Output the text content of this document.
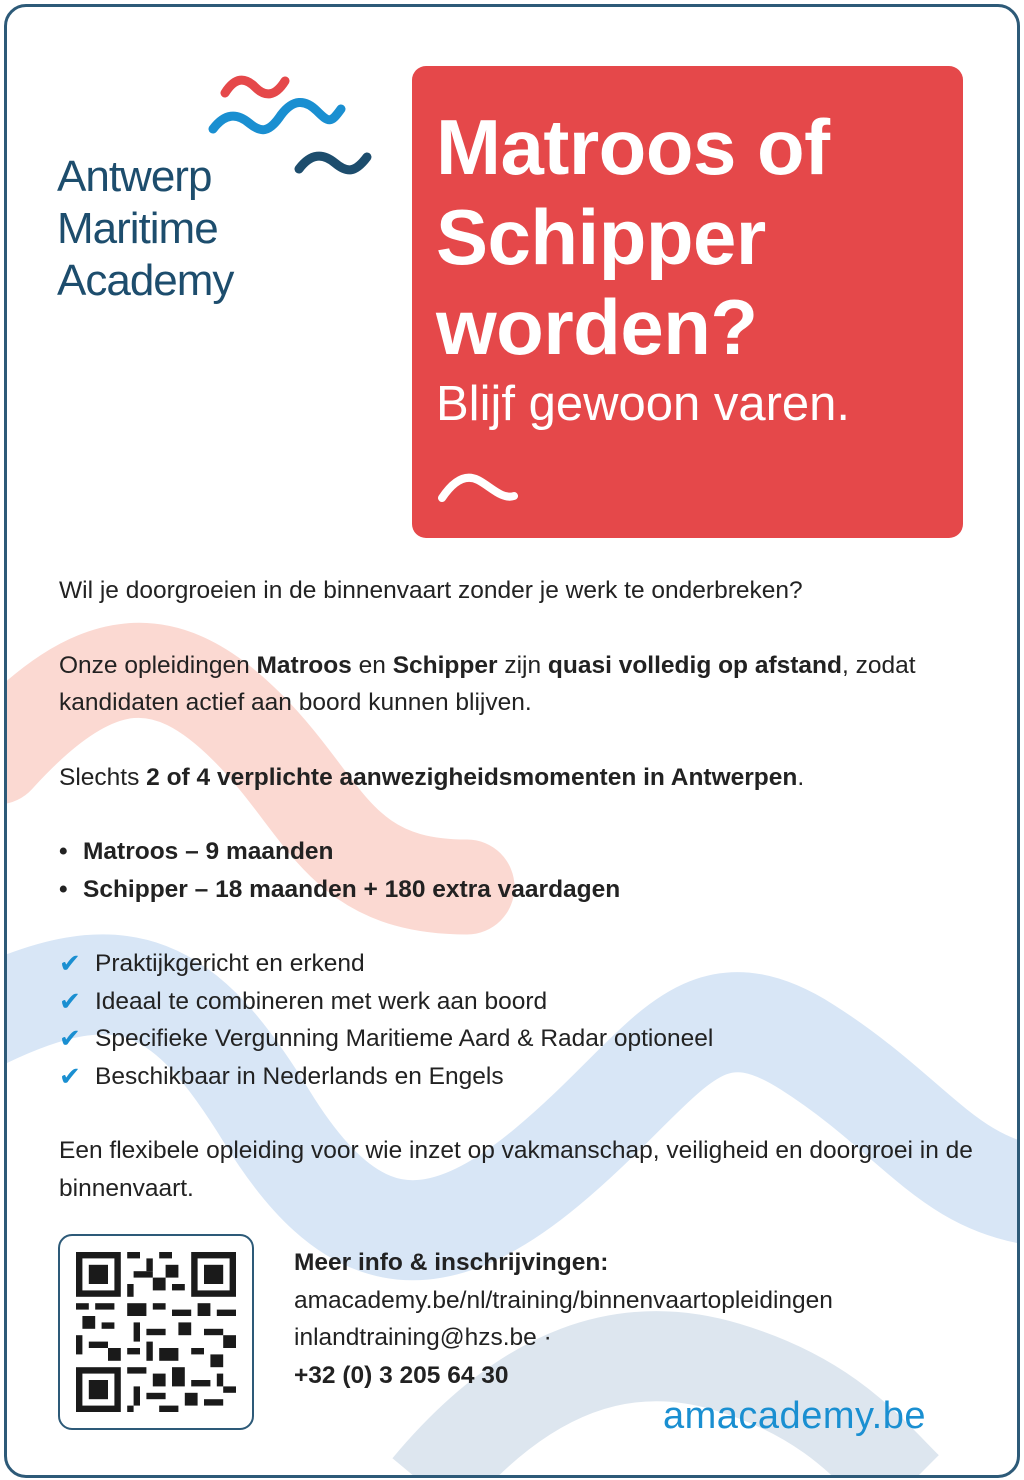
Antwerp
Maritime
Academy
Matroos of
Schipper
worden?
Blijf gewoon varen.

Wil je doorgroeien in de binnenvaart zonder je werk te onderbreken?

Onze opleidingen Matroos en Schipper zijn quasi volledig op afstand, zodat kandidaten actief aan boord kunnen blijven.

Slechts 2 of 4 verplichte aanwezigheidsmomenten in Antwerpen.

• Matroos – 9 maanden
• Schipper – 18 maanden + 180 extra vaardagen
✔ Praktijkgericht en erkend
✔ Ideaal te combineren met werk aan boord
✔ Specifieke Vergunning Maritieme Aard & Radar optioneel
✔ Beschikbaar in Nederlands en Engels

Een flexibele opleiding voor wie inzet op vakmanschap, veiligheid en doorgroei in de binnenvaart.

Meer info & inschrijvingen:
amacademy.be/nl/training/binnenvaartopleidingen
inlandtraining@hzs.be ·
+32 (0) 3 205 64 30
amacademy.be
